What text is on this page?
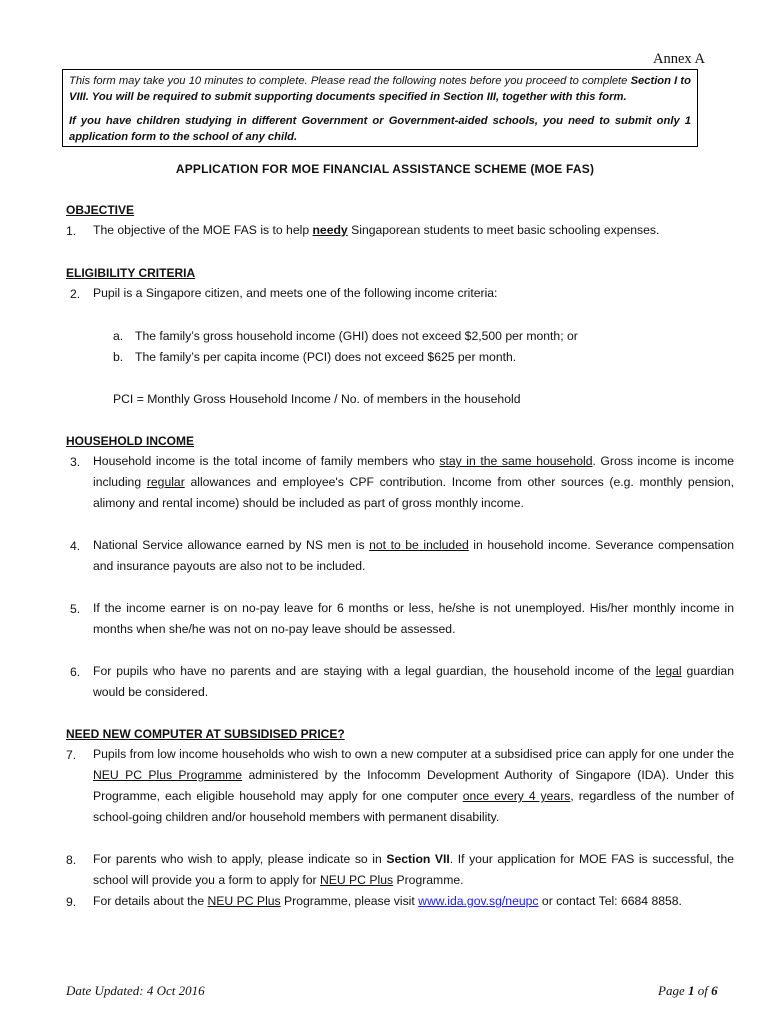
Annex A

This form may take you 10 minutes to complete. Please read the following notes before you proceed to complete Section I to VIII. You will be required to submit supporting documents specified in Section III, together with this form.

If you have children studying in different Government or Government-aided schools, you need to submit only 1 application form to the school of any child.

APPLICATION FOR MOE FINANCIAL ASSISTANCE SCHEME (MOE FAS)
OBJECTIVE
1. The objective of the MOE FAS is to help needy Singaporean students to meet basic schooling expenses.
ELIGIBILITY CRITERIA
2. Pupil is a Singapore citizen, and meets one of the following income criteria:
a. The family’s gross household income (GHI) does not exceed $2,500 per month; or
b. The family’s per capita income (PCI) does not exceed $625 per month.
PCI = Monthly Gross Household Income / No. of members in the household
HOUSEHOLD INCOME
3. Household income is the total income of family members who stay in the same household. Gross income is income including regular allowances and employee's CPF contribution. Income from other sources (e.g. monthly pension, alimony and rental income) should be included as part of gross monthly income.
4. National Service allowance earned by NS men is not to be included in household income. Severance compensation and insurance payouts are also not to be included.
5. If the income earner is on no-pay leave for 6 months or less, he/she is not unemployed. His/her monthly income in months when she/he was not on no-pay leave should be assessed.
6. For pupils who have no parents and are staying with a legal guardian, the household income of the legal guardian would be considered.
NEED NEW COMPUTER AT SUBSIDISED PRICE?
7. Pupils from low income households who wish to own a new computer at a subsidised price can apply for one under the NEU PC Plus Programme administered by the Infocomm Development Authority of Singapore (IDA). Under this Programme, each eligible household may apply for one computer once every 4 years, regardless of the number of school-going children and/or household members with permanent disability.
8. For parents who wish to apply, please indicate so in Section VII. If your application for MOE FAS is successful, the school will provide you a form to apply for NEU PC Plus Programme.
9. For details about the NEU PC Plus Programme, please visit www.ida.gov.sg/neupc or contact Tel: 6684 8858.
Date Updated: 4 Oct 2016	Page 1 of 6
